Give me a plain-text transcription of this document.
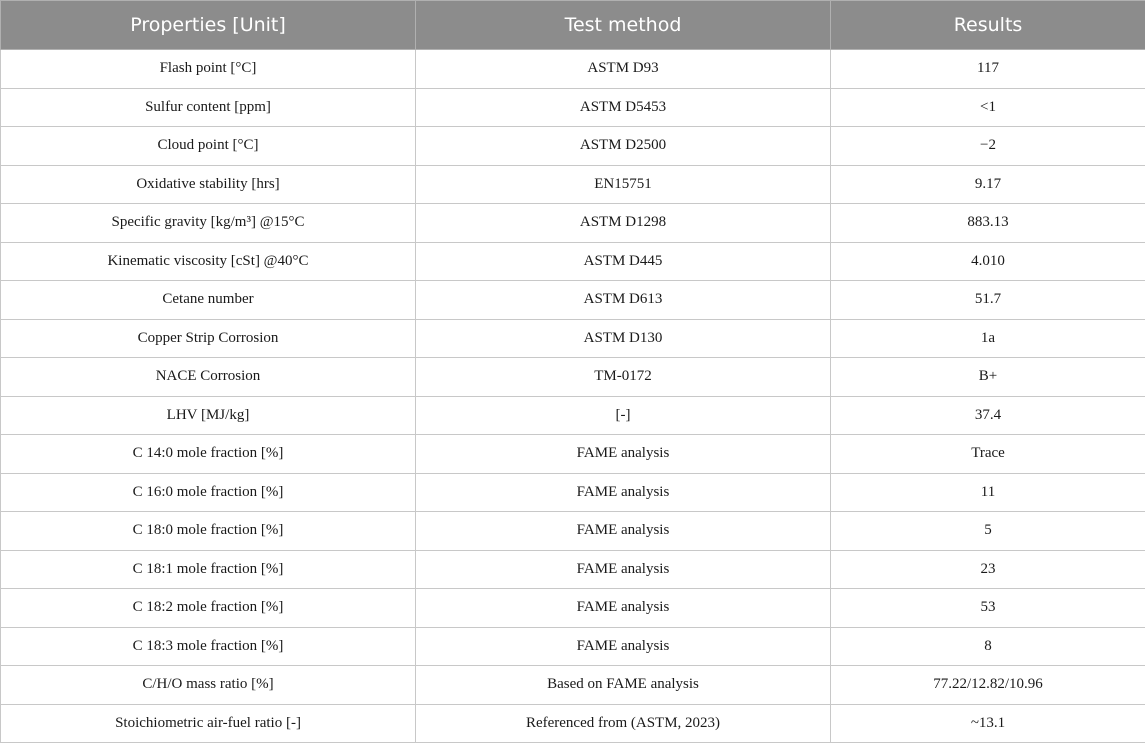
Properties [Unit]	Test method	Results
Flash point [°C]	ASTM D93	117
Sulfur content [ppm]	ASTM D5453	<1
Cloud point [°C]	ASTM D2500	−2
Oxidative stability [hrs]	EN15751	9.17
Specific gravity [kg/m³] @15°C	ASTM D1298	883.13
Kinematic viscosity [cSt] @40°C	ASTM D445	4.010
Cetane number	ASTM D613	51.7
Copper Strip Corrosion	ASTM D130	1a
NACE Corrosion	TM-0172	B+
LHV [MJ/kg]	[-]	37.4
C 14:0 mole fraction [%]	FAME analysis	Trace
C 16:0 mole fraction [%]	FAME analysis	11
C 18:0 mole fraction [%]	FAME analysis	5
C 18:1 mole fraction [%]	FAME analysis	23
C 18:2 mole fraction [%]	FAME analysis	53
C 18:3 mole fraction [%]	FAME analysis	8
C/H/O mass ratio [%]	Based on FAME analysis	77.22/12.82/10.96
Stoichiometric air-fuel ratio [-]	Referenced from (ASTM, 2023)	~13.1
